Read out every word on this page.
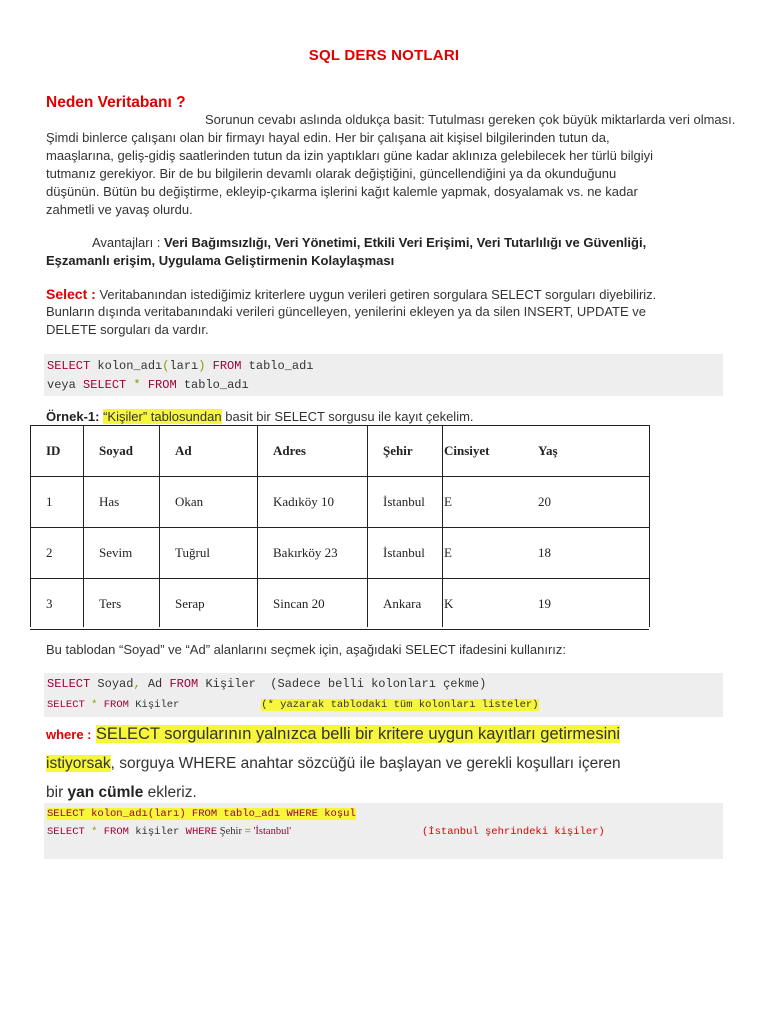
SQL DERS NOTLARI
Neden Veritabanı ?
Sorunun cevabı aslında oldukça basit: Tutulması gereken çok büyük miktarlarda veri olması.
Şimdi binlerce çalışanı olan bir firmayı hayal edin. Her bir çalışana ait kişisel bilgilerinden tutun da,
maaşlarına, geliş-gidiş saatlerinden tutun da izin yaptıkları güne kadar aklınıza gelebilecek her türlü bilgiyi
tutmanız gerekiyor. Bir de bu bilgilerin devamlı olarak değiştiğini, güncellendiğini ya da okunduğunu
düşünün. Bütün bu değiştirme, ekleyip-çıkarma işlerini kağıt kalemle yapmak, dosyalamak vs. ne kadar
zahmetli ve yavaş olurdu.
Avantajları : Veri Bağımsızlığı, Veri Yönetimi, Etkili Veri Erişimi, Veri Tutarlılığı ve Güvenliği,
Eşzamanlı erişim, Uygulama Geliştirmenin Kolaylaşması
Select : Veritabanından istediğimiz kriterlere uygun verileri getiren sorgulara SELECT sorguları diyebiliriz.
Bunların dışında veritabanındaki verileri güncelleyen, yenilerini ekleyen ya da silen INSERT, UPDATE ve
DELETE sorguları da vardır.
SELECT kolon_adı(ları) FROM tablo_adı
veya SELECT * FROM tablo_adı
Örnek-1: “Kişiler” tablosundan basit bir SELECT sorgusu ile kayıt çekelim.
ID	Soyad	Ad	Adres	Şehir	Cinsiyet	Yaş
1	Has	Okan	Kadıköy 10	İstanbul	E	20
2	Sevim	Tuğrul	Bakırköy 23	İstanbul	E	18
3	Ters	Serap	Sincan 20	Ankara	K	19
Bu tablodan “Soyad” ve “Ad” alanlarını seçmek için, aşağıdaki SELECT ifadesini kullanırız:
SELECT Soyad, Ad FROM Kişiler  (Sadece belli kolonları çekme)
SELECT * FROM Kişiler             (* yazarak tablodaki tüm kolonları listeler)
where : SELECT sorgularının yalnızca belli bir kritere uygun kayıtları getirmesini
istiyorsak, sorguya WHERE anahtar sözcüğü ile başlayan ve gerekli koşulları içeren
bir yan cümle ekleriz.
SELECT kolon_adı(ları) FROM tablo_adı WHERE koşul
SELECT * FROM kişiler WHERE Şehir = 'İstanbul'	(İstanbul şehrindeki kişiler)
